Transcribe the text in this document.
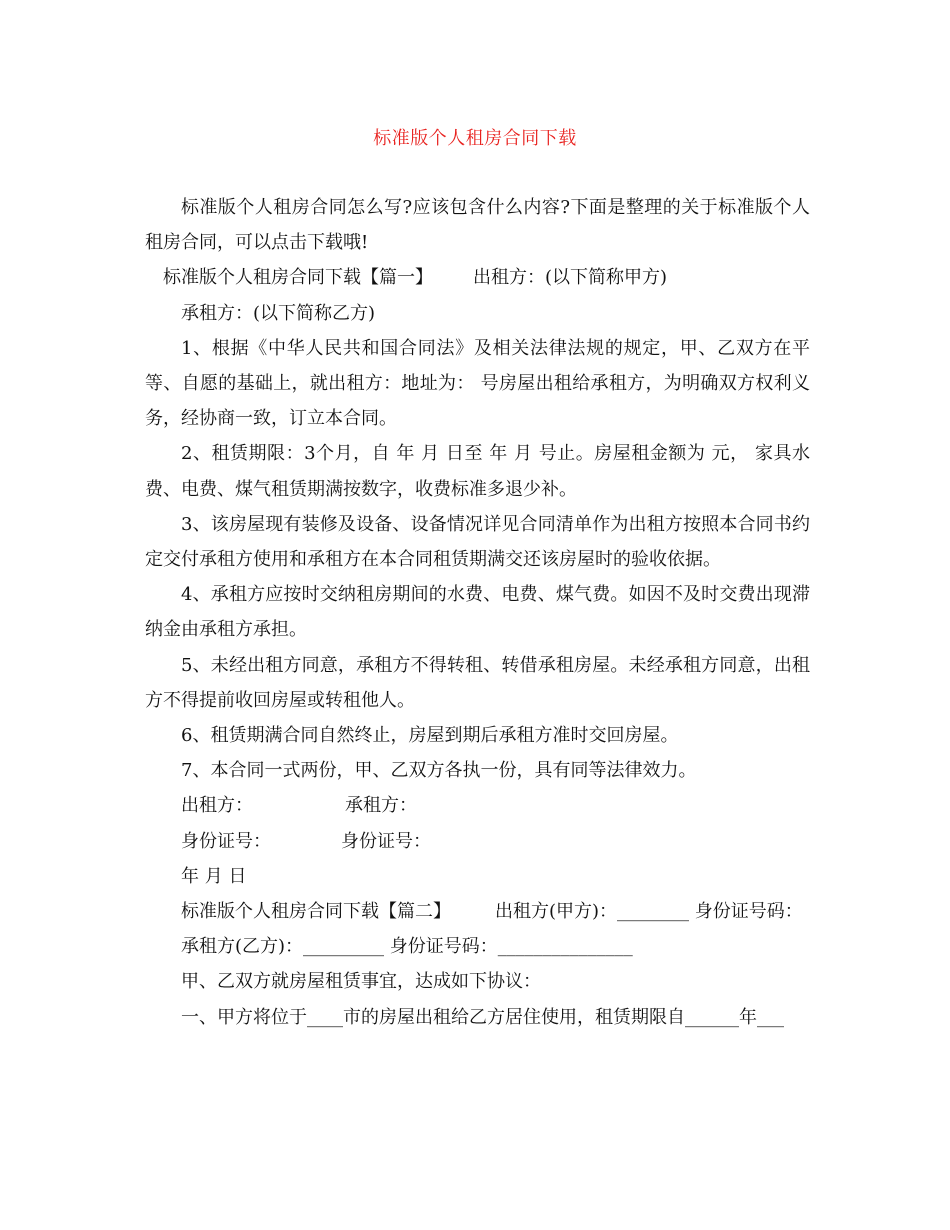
标准版个人租房合同下载

标准版个人租房合同怎么写?应该包含什么内容?下面是整理的关于标准版个人租房合同，可以点击下载哦!

标准版个人租房合同下载【篇一】 出租方：(以下简称甲方)

承租方：(以下简称乙方)

1、根据《中华人民共和国合同法》及相关法律法规的规定，甲、乙双方在平等、自愿的基础上，就出租方：地址为： 号房屋出租给承租方，为明确双方权利义务，经协商一致，订立本合同。

2、租赁期限：3个月，自 年 月 日至 年 月 号止。房屋租金额为 元， 家具水费、电费、煤气租赁期满按数字，收费标准多退少补。

3、该房屋现有装修及设备、设备情况详见合同清单作为出租方按照本合同书约定交付承租方使用和承租方在本合同租赁期满交还该房屋时的验收依据。

4、承租方应按时交纳租房期间的水费、电费、煤气费。如因不及时交费出现滞纳金由承租方承担。

5、未经出租方同意，承租方不得转租、转借承租房屋。未经承租方同意，出租方不得提前收回房屋或转租他人。

6、租赁期满合同自然终止，房屋到期后承租方准时交回房屋。

7、本合同一式两份，甲、乙双方各执一份，具有同等法律效力。

出租方：	承租方：

身份证号：	身份证号：

年 月 日

标准版个人租房合同下载【篇二】 出租方(甲方)：________ 身份证号码：

承租方(乙方)：_________ 身份证号码：_______________

甲、乙双方就房屋租赁事宜，达成如下协议：

一、甲方将位于____市的房屋出租给乙方居住使用，租赁期限自______年___
